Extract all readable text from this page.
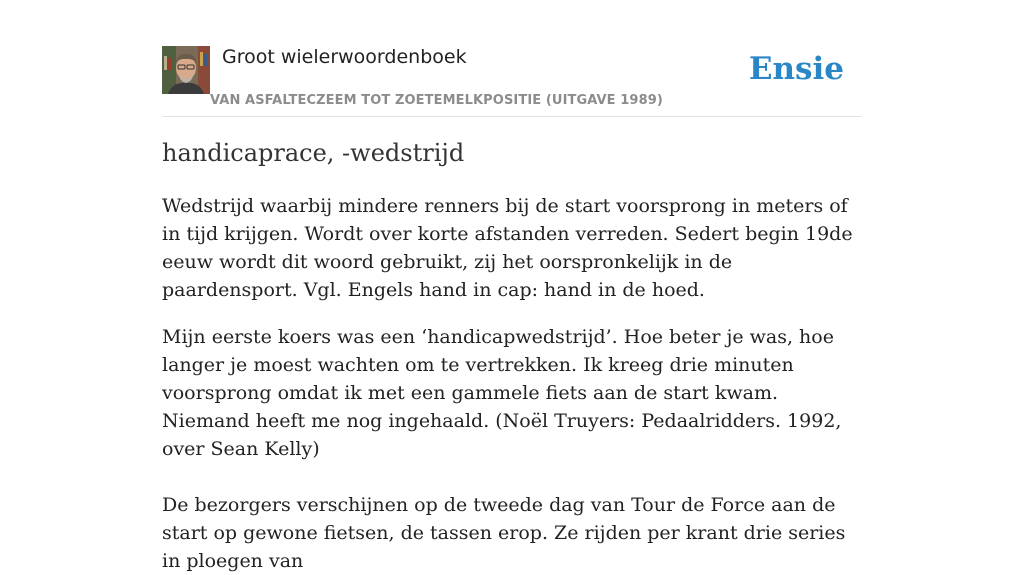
Groot wielerwoordenboek
VAN ASFALTECZEEM TOT ZOETEMELKPOSITIE (UITGAVE 1989)
Ensie
handicaprace, -wedstrijd

Wedstrijd waarbij mindere renners bij de start voorsprong in meters of in tijd krijgen. Wordt over korte afstanden verreden. Sedert begin 19de eeuw wordt dit woord gebruikt, zij het oorspronkelijk in de paardensport. Vgl. Engels hand in cap: hand in de hoed.

Mijn eerste koers was een ‘handicapwedstrijd’. Hoe beter je was, hoe langer je moest wachten om te vertrekken. Ik kreeg drie minuten voorsprong omdat ik met een gammele fiets aan de start kwam. Niemand heeft me nog ingehaald. (Noël Truyers: Pedaalridders. 1992, over Sean Kelly)

De bezorgers verschijnen op de tweede dag van Tour de Force aan de start op gewone fietsen, de tassen erop. Ze rijden per krant drie series in ploegen van
